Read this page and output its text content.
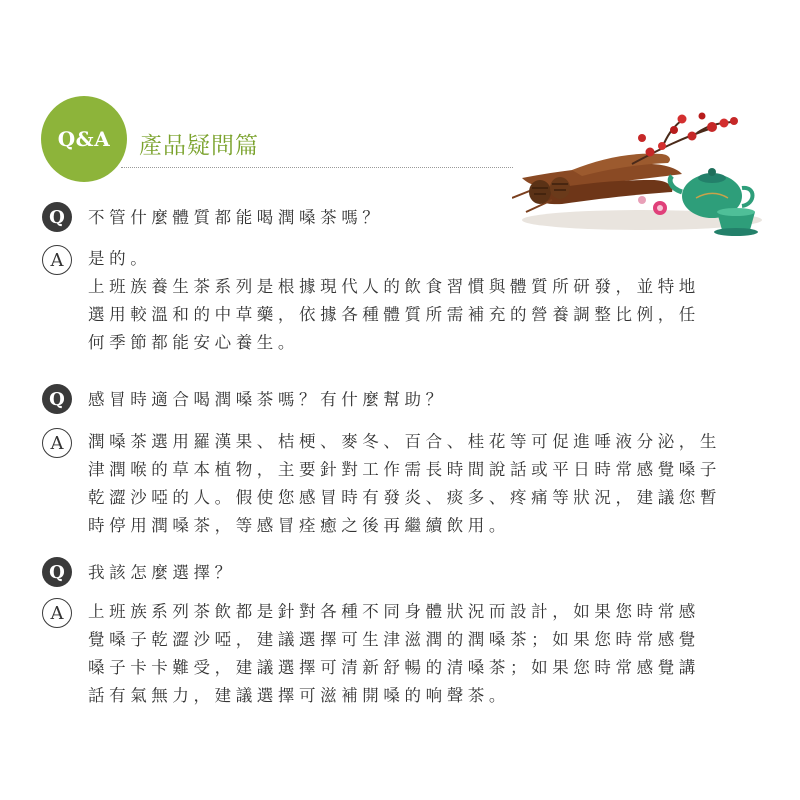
Q&A	產品疑問篇
Q	不管什麼體質都能喝潤嗓茶嗎？

A	是的。
上班族養生茶系列是根據現代人的飲食習慣與體質所研發，並特地
選用較溫和的中草藥，依據各種體質所需補充的營養調整比例，任
何季節都能安心養生。

Q	感冒時適合喝潤嗓茶嗎？有什麼幫助？

A	潤嗓茶選用羅漢果、桔梗、麥冬、百合、桂花等可促進唾液分泌，生
津潤喉的草本植物，主要針對工作需長時間說話或平日時常感覺嗓子
乾澀沙啞的人。假使您感冒時有發炎、痰多、疼痛等狀況，建議您暫
時停用潤嗓茶，等感冒痊癒之後再繼續飲用。

Q	我該怎麼選擇？

A	上班族系列茶飲都是針對各種不同身體狀況而設計，如果您時常感
覺嗓子乾澀沙啞，建議選擇可生津滋潤的潤嗓茶；如果您時常感覺
嗓子卡卡難受，建議選擇可清新舒暢的清嗓茶；如果您時常感覺講
話有氣無力，建議選擇可滋補開嗓的响聲茶。
